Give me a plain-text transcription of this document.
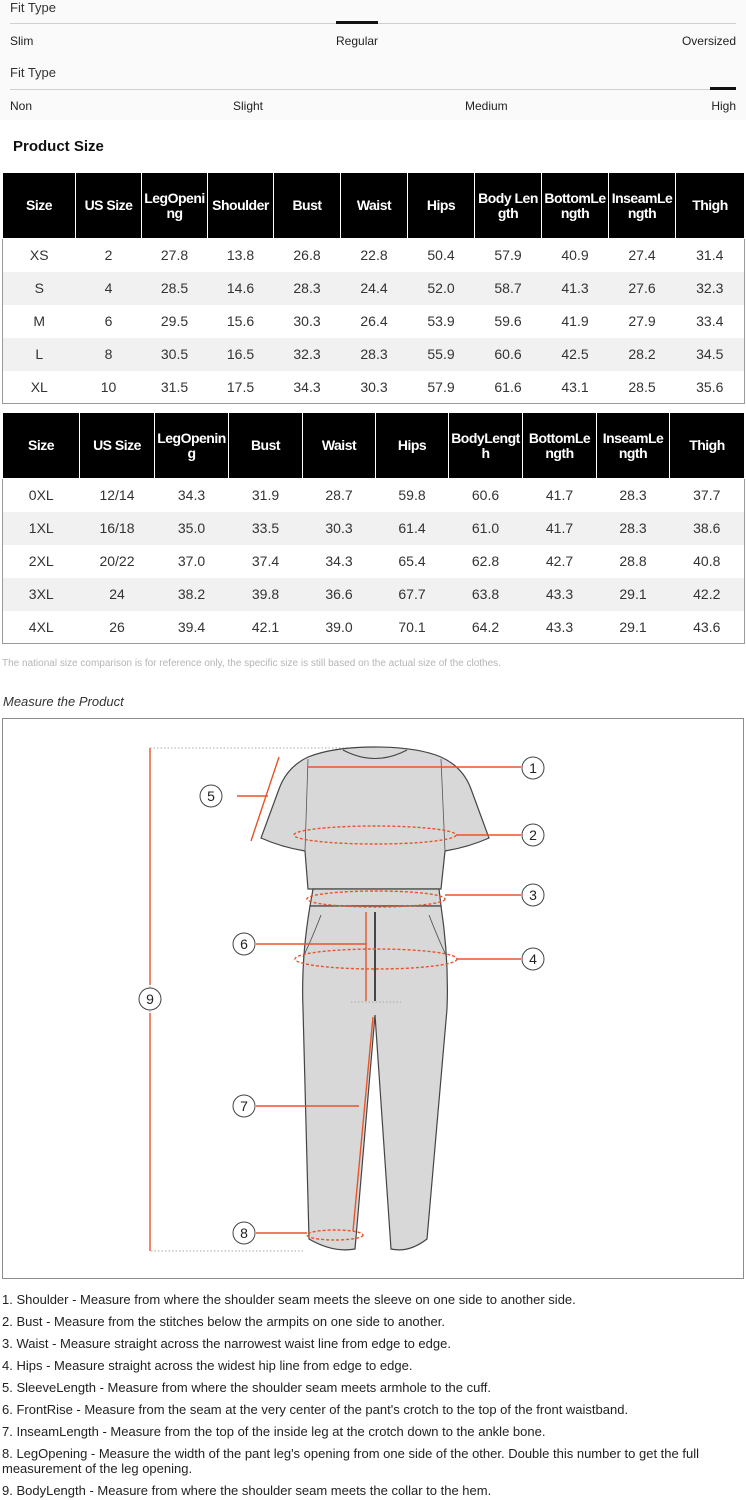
Fit Type
Slim	Regular	Oversized
Fit Type
Non	Slight	Medium	High
Product Size
Size	US Size	LegOpening	Shoulder	Bust	Waist	Hips	Body Length	BottomLength	InseamLength	Thigh
XS	2	27.8	13.8	26.8	22.8	50.4	57.9	40.9	27.4	31.4
S	4	28.5	14.6	28.3	24.4	52.0	58.7	41.3	27.6	32.3
M	6	29.5	15.6	30.3	26.4	53.9	59.6	41.9	27.9	33.4
L	8	30.5	16.5	32.3	28.3	55.9	60.6	42.5	28.2	34.5
XL	10	31.5	17.5	34.3	30.3	57.9	61.6	43.1	28.5	35.6
Size	US Size	LegOpening	Bust	Waist	Hips	BodyLength	BottomLength	InseamLength	Thigh
0XL	12/14	34.3	31.9	28.7	59.8	60.6	41.7	28.3	37.7
1XL	16/18	35.0	33.5	30.3	61.4	61.0	41.7	28.3	38.6
2XL	20/22	37.0	37.4	34.3	65.4	62.8	42.7	28.8	40.8
3XL	24	38.2	39.8	36.6	67.7	63.8	43.3	29.1	42.2
4XL	26	39.4	42.1	39.0	70.1	64.2	43.3	29.1	43.6
The national size comparison is for reference only, the specific size is still based on the actual size of the clothes.
Measure the Product
1
2
3
4
5
6
7
8
9
1. Shoulder - Measure from where the shoulder seam meets the sleeve on one side to another side.
2. Bust - Measure from the stitches below the armpits on one side to another.
3. Waist - Measure straight across the narrowest waist line from edge to edge.
4. Hips - Measure straight across the widest hip line from edge to edge.
5. SleeveLength - Measure from where the shoulder seam meets armhole to the cuff.
6. FrontRise - Measure from the seam at the very center of the pant's crotch to the top of the front waistband.
7. InseamLength - Measure from the top of the inside leg at the crotch down to the ankle bone.
8. LegOpening - Measure the width of the pant leg's opening from one side of the other. Double this number to get the full measurement of the leg opening.
9. BodyLength - Measure from where the shoulder seam meets the collar to the hem.
